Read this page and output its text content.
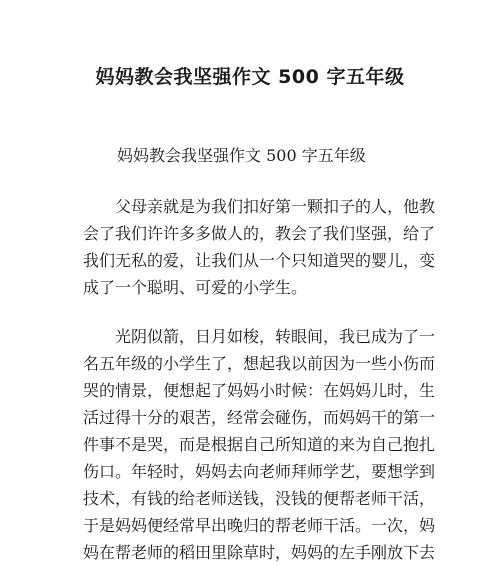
妈妈教会我坚强作文 500 字五年级
妈妈教会我坚强作文 500 字五年级
父母亲就是为我们扣好第一颗扣子的人，他教
会了我们许许多多做人的，教会了我们坚强，给了
我们无私的爱，让我们从一个只知道哭的婴儿，变
成了一个聪明、可爱的小学生。
光阴似箭，日月如梭，转眼间，我已成为了一
名五年级的小学生了，想起我以前因为一些小伤而
哭的情景，便想起了妈妈小时候：在妈妈儿时，生
活过得十分的艰苦，经常会碰伤，而妈妈干的第一
件事不是哭，而是根据自己所知道的来为自己抱扎
伤口。年轻时，妈妈去向老师拜师学艺，要想学到
技术，有钱的给老师送钱，没钱的便帮老师干活，
于是妈妈便经常早出晚归的帮老师干活。一次，妈
妈在帮老师的稻田里除草时，妈妈的左手刚放下去
